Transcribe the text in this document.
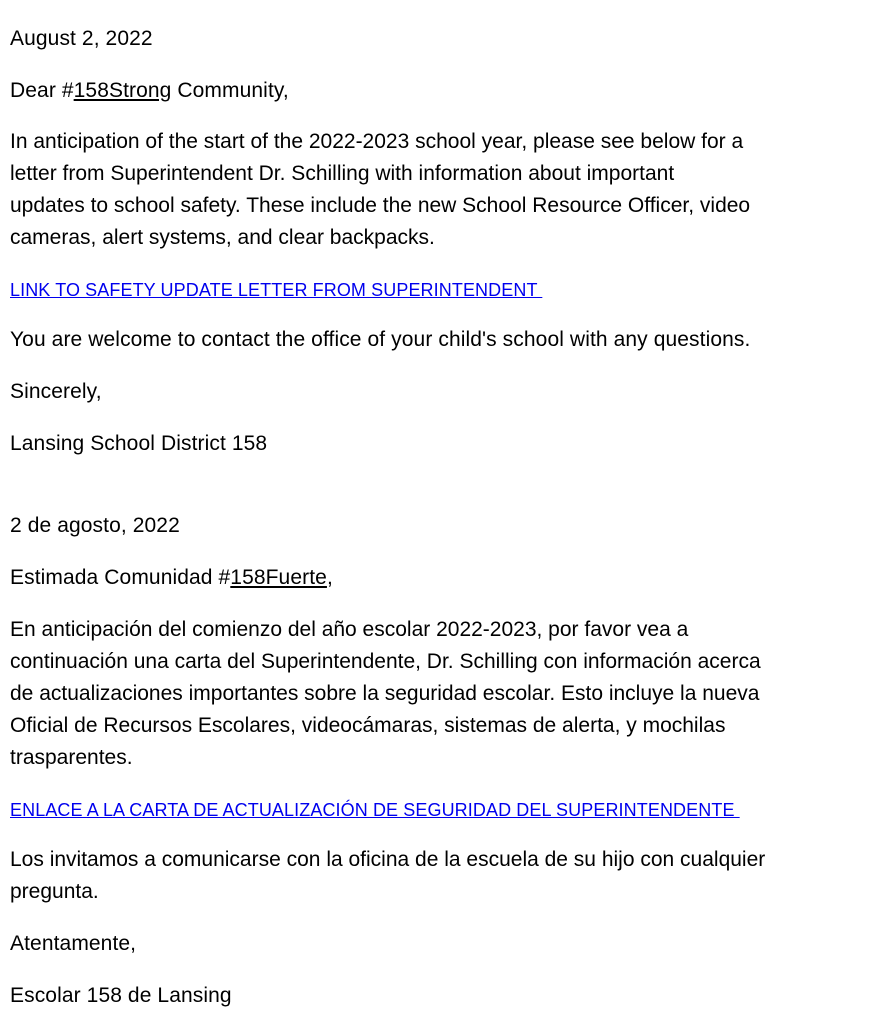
August 2, 2022
Dear #158Strong Community,
In anticipation of the start of the 2022-2023 school year, please see below for a
letter from Superintendent Dr. Schilling with information about important
updates to school safety. These include the new School Resource Officer, video
cameras, alert systems, and clear backpacks.
LINK TO SAFETY UPDATE LETTER FROM SUPERINTENDENT
You are welcome to contact the office of your child's school with any questions.
Sincerely,
Lansing School District 158
2 de agosto, 2022
Estimada Comunidad #158Fuerte,
En anticipación del comienzo del año escolar 2022-2023, por favor vea a
continuación una carta del Superintendente, Dr. Schilling con información acerca
de actualizaciones importantes sobre la seguridad escolar. Esto incluye la nueva
Oficial de Recursos Escolares, videocámaras, sistemas de alerta, y mochilas
trasparentes.
ENLACE A LA CARTA DE ACTUALIZACIÓN DE SEGURIDAD DEL SUPERINTENDENTE
Los invitamos a comunicarse con la oficina de la escuela de su hijo con cualquier
pregunta.
Atentamente,
Escolar 158 de Lansing
